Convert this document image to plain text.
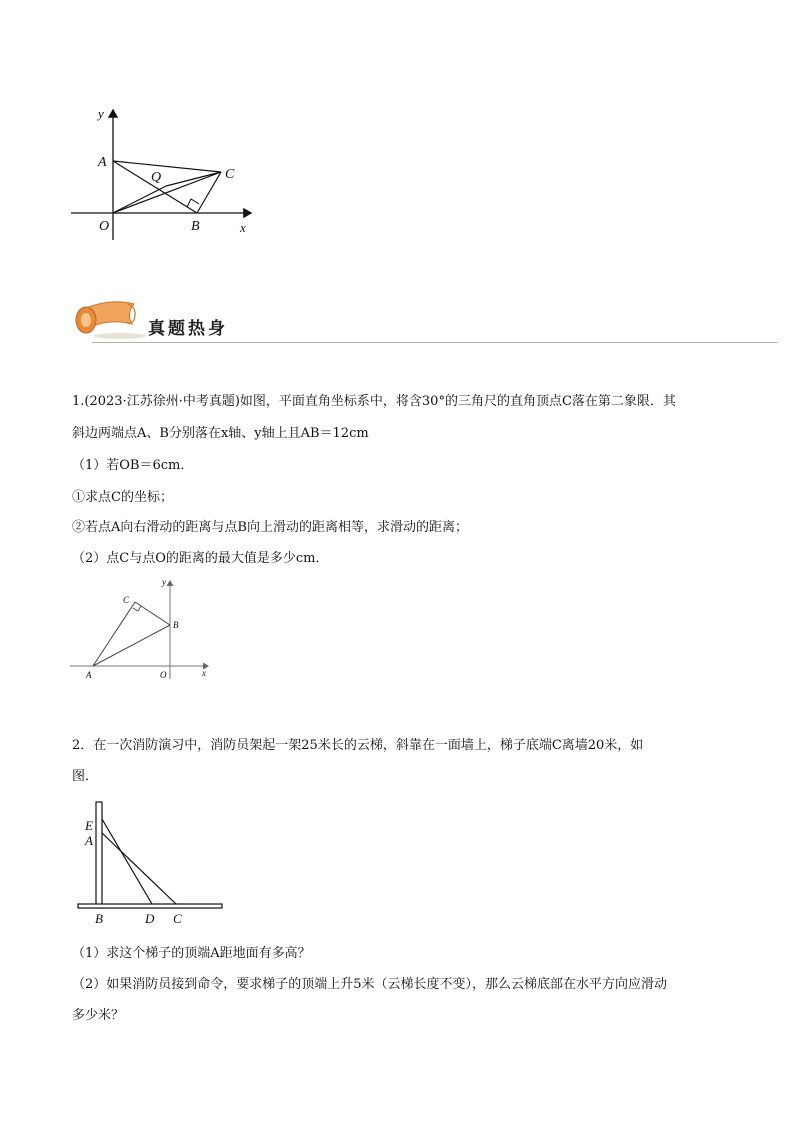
y
x
A
O
Q	C
B
真题热身
1.(2023·江苏徐州·中考真题)如图，平面直角坐标系中，将含30°的三角尺的直角顶点C落在第二象限．其
斜边两端点A、B分别落在x轴、y轴上且AB＝12cm
（1）若OB＝6cm．
①求点C的坐标；
②若点A向右滑动的距离与点B向上滑动的距离相等，求滑动的距离；
（2）点C与点O的距离的最大值是多少cm．
y
x
C
B
A	O
2．在一次消防演习中，消防员架起一架25米长的云梯，斜靠在一面墙上，梯子底端C离墙20米，如
图．
E
A
B	D C
（1）求这个梯子的顶端A距地面有多高？
（2）如果消防员接到命令，要求梯子的顶端上升5米（云梯长度不变），那么云梯底部在水平方向应滑动
多少米？
